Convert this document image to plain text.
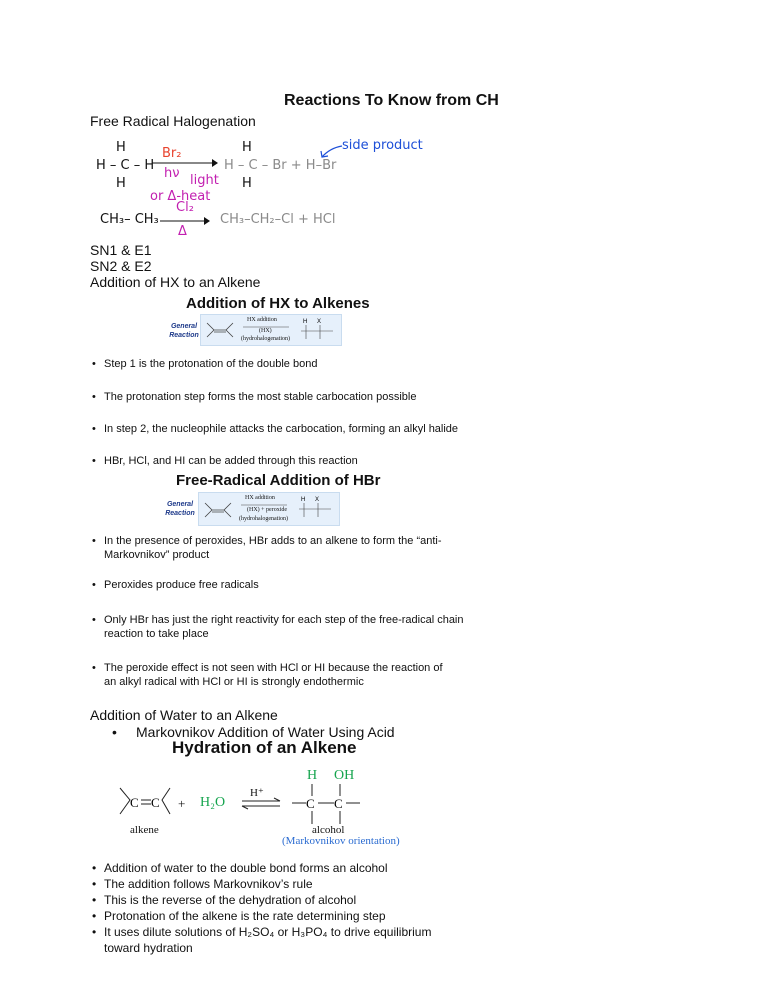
Reactions To Know from CH
Free Radical Halogenation
H
H – C – H
H
Br₂
hν light
or Δ-heat
H
H – C – Br + H–Br
H
side product
CH₃– CH₃
Cl₂
Δ
CH₃–CH₂–Cl + HCl
SN1 & E1
SN2 & E2
Addition of HX to an Alkene
Addition of HX to Alkenes
General Reaction
HX addition
(HX)
(hydrohalogenation)
H X
• Step 1 is the protonation of the double bond
• The protonation step forms the most stable carbocation possible
• In step 2, the nucleophile attacks the carbocation, forming an alkyl halide
• HBr, HCl, and HI can be added through this reaction
Free-Radical Addition of HBr
General Reaction
HX addition
(HX) + peroxide
(hydrohalogenation)
H X
• In the presence of peroxides, HBr adds to an alkene to form the “anti-Markovnikov” product
• Peroxides produce free radicals
• Only HBr has just the right reactivity for each step of the free-radical chain reaction to take place
• The peroxide effect is not seen with HCl or HI because the reaction of an alkyl radical with HCl or HI is strongly endothermic
Addition of Water to an Alkene
• Markovnikov Addition of Water Using Acid
Hydration of an Alkene
C C + H₂O
H⁺
H OH
C C
alkene	alcohol
(Markovnikov orientation)
• Addition of water to the double bond forms an alcohol
• The addition follows Markovnikov’s rule
• This is the reverse of the dehydration of alcohol
• Protonation of the alkene is the rate determining step
• It uses dilute solutions of H₂SO₄ or H₃PO₄ to drive equilibrium toward hydration
